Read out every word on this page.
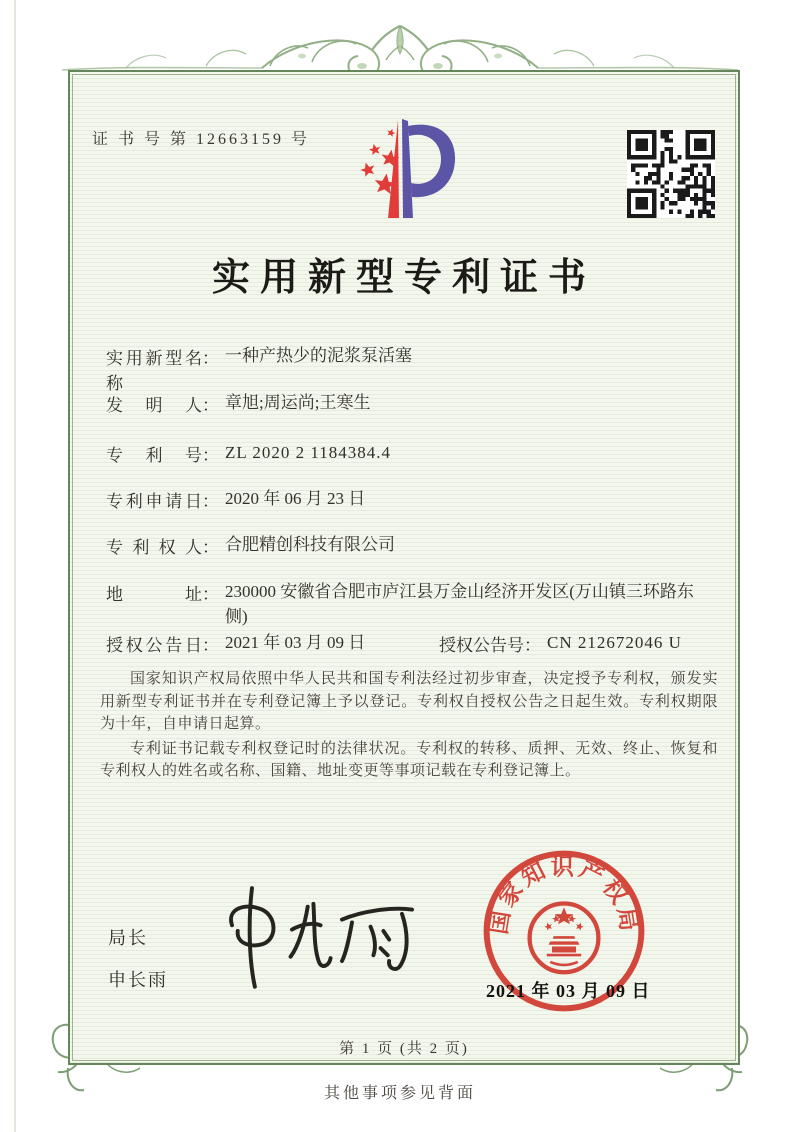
证 书 号 第 12663159 号
实用新型专利证书
实用新型名称
： 一种产热少的泥浆泵活塞
发明人 ： 章旭;周运尚;王寒生
专利号 ： ZL 2020 2 1184384.4
专利申请日 ： 2020 年 06 月 23 日
专利权人 ： 合肥精创科技有限公司
地址 ： 230000 安徽省合肥市庐江县万金山经济开发区(万山镇三环路东侧)
授权公告日 ： 2021 年 03 月 09 日	授权公告号 ： CN 212672046 U

国家知识产权局依照中华人民共和国专利法经过初步审查，决定授予专利权，颁发实用新型专利证书并在专利登记簿上予以登记。专利权自授权公告之日起生效。专利权期限为十年，自申请日起算。

专利证书记载专利权登记时的法律状况。专利权的转移、质押、无效、终止、恢复和专利权人的姓名或名称、国籍、地址变更等事项记载在专利登记簿上。

局长
申长雨
国家知识产权局
2021 年 03 月 09 日
第 1 页 (共 2 页)
其他事项参见背面
